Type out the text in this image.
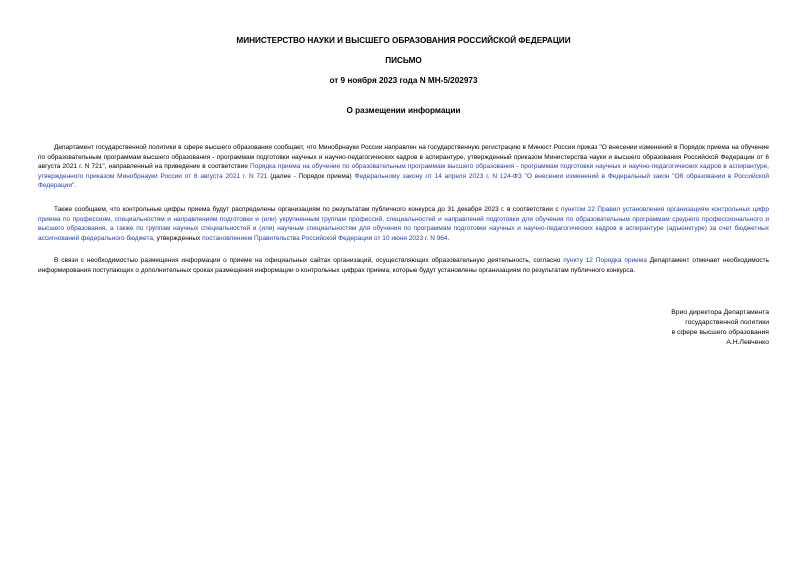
МИНИСТЕРСТВО НАУКИ И ВЫСШЕГО ОБРАЗОВАНИЯ РОССИЙСКОЙ ФЕДЕРАЦИИ
ПИСЬМО
от 9 ноября 2023 года N МН-5/202973
О размещении информации
Департамент государственной политики в сфере высшего образования сообщает, что Минобрнауки России направлен на государственную регистрацию в Минюст России приказ "О внесении изменений в Порядок приема на обучение по образовательным программам высшего образования - программам подготовки научных и научно-педагогических кадров в аспирантуре, утвержденный приказом Министерства науки и высшего образования Российской Федерации от 6 августа 2021 г. N 721", направленный на приведение в соответствие Порядка приема на обучение по образовательным программам высшего образования - программам подготовки научных и научно-педагогических кадров в аспирантуре, утвержденного приказом Минобрнауки России от 6 августа 2021 г. N 721 (далее - Порядок приема) Федеральному закону от 14 апреля 2023 г. N 124-ФЗ "О внесении изменений в Федеральный закон "Об образовании в Российской Федерации".
Также сообщаем, что контрольные цифры приема будут распределены организациям по результатам публичного конкурса до 31 декабря 2023 г. в соответствии с пунктом 22 Правил установления организациям контрольных цифр приема по профессиям, специальностям и направлениям подготовки и (или) укрупненным группам профессий, специальностей и направлений подготовки для обучения по образовательным программам среднего профессионального и высшего образования, а также по группам научных специальностей и (или) научным специальностям для обучения по программам подготовки научных и научно-педагогических кадров в аспирантуре (адъюнктуре) за счет бюджетных ассигнований федерального бюджета, утвержденных постановлением Правительства Российской Федерации от 10 июня 2023 г. N 964.
В связи с необходимостью размещения информации о приеме на официальных сайтах организаций, осуществляющих образовательную деятельность, согласно пункту 12 Порядка приема Департамент отмечает необходимость информирования поступающих о дополнительных сроках размещения информации о контрольных цифрах приема, которые будут установлены организациям по результатам публичного конкурса.
Врио директора Департамента
государственной политики
в сфере высшего образования
А.Н.Левченко
